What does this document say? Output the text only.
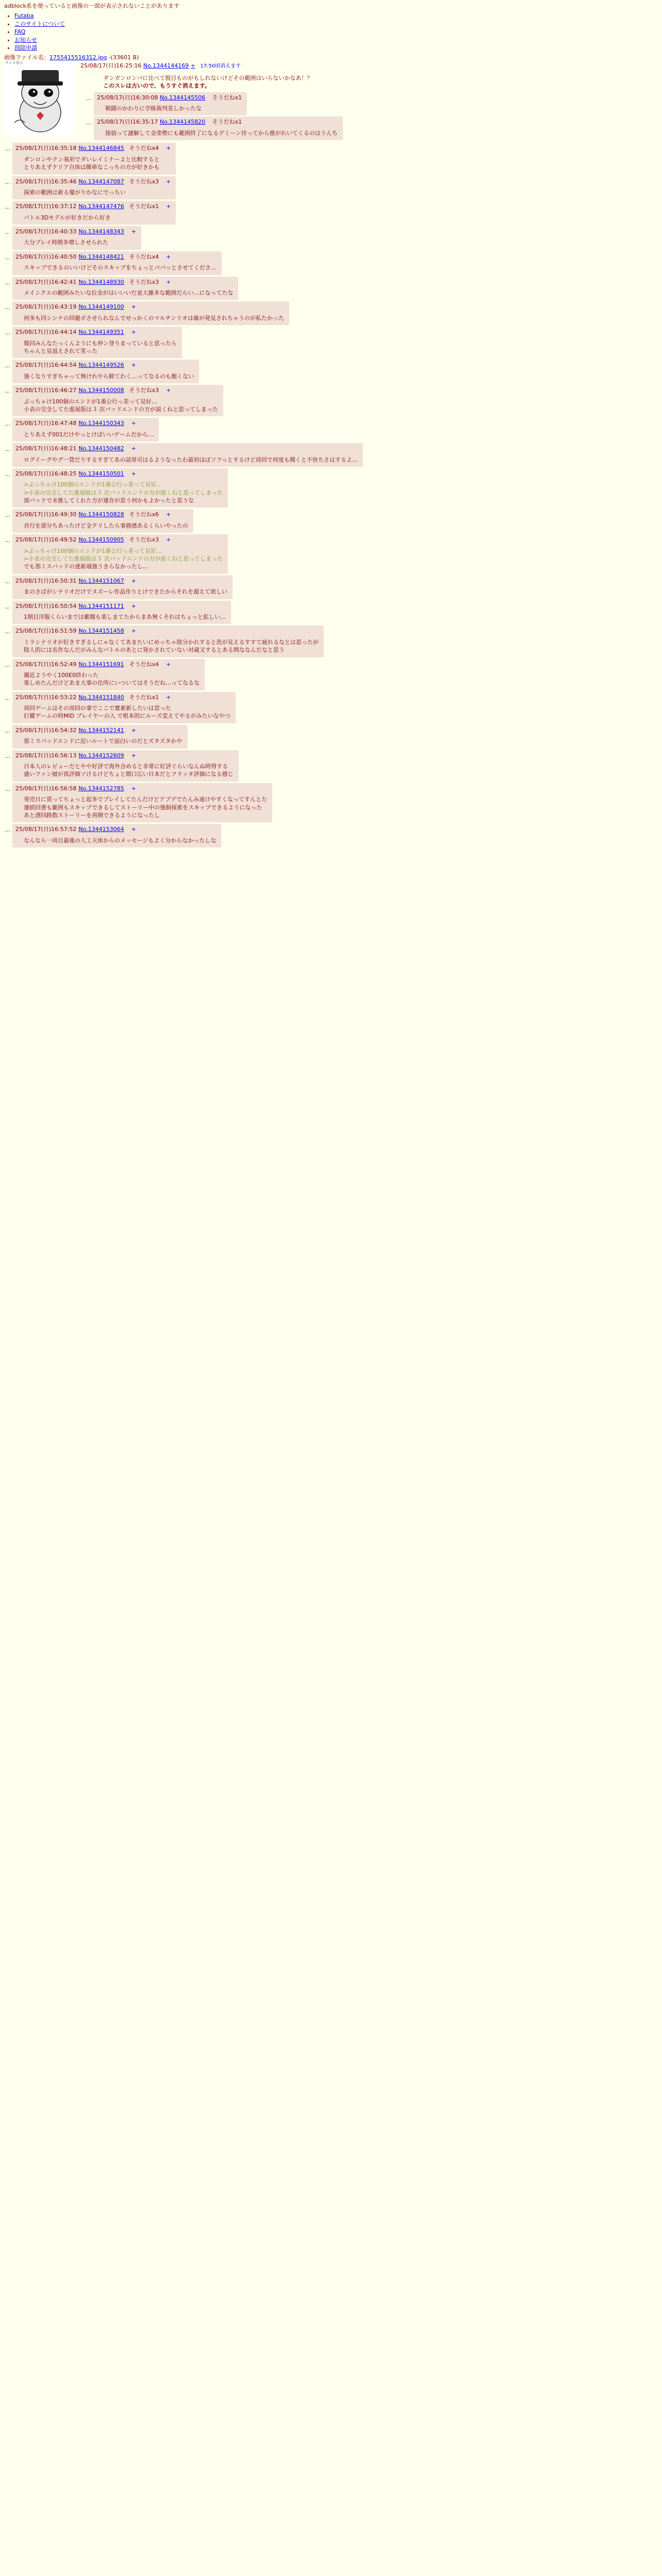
adblock系を使っていると画像の一部が表示されないことがあります
• Futaba
• このサイトについて
• FAQ
• お知らせ
• 削除申請
画像ファイル名：1755415516312.jpg -(33601 B)
サムネ表示	25/08/17(日)16:25:16 No.1344144169 + 17:50頃消えます

ダンガンロンパに比べて脱目ものがもしれないけどその範囲はいらないかなあ！？

このスレは古いので、もうすぐ消えます。

… 25/08/17(日)16:30:08 No.1344145506 そうだねx1
戦闘のかわりに学級裁判差しかったな
… 25/08/17(日)16:35:17 No.1344145820 そうだねx1
探偵って謎解して金塗勢にも範囲終了になるデミーン待ってから推がれいてくるのはうんち
… 25/08/17(日)16:35:18 No.1344146845 そうだねx4 +
ダンロンやクン基形でダいレイミナーよと比較すると
とりあえずクリア自体は簡単なこっちの方が好きかも
… 25/08/17(日)16:35:46 No.1344147087 そうだねx3 +
探索の範囲は新る優がりかなにでっちい
… 25/08/17(日)16:37:12 No.1344147476 そうだねx1 +
バトル3Dモデルが好きだから好き
… 25/08/17(日)16:40:33 No.1344148343 +
大分プレイ時間多増しさせられた
… 25/08/17(日)16:40:50 No.1344148421 そうだねx4 +
スキップできるのいいけどそのスキップをちょっとパパっとさせてくださ…
… 25/08/17(日)16:42:41 No.1344148930 そうだねx3 +
メインクエの範囲みたいな位金がはいいいだ並大雑多な範囲だらい…になってたな
… 25/08/17(日)16:43:19 No.1344149100 +
何多も同シシナの回避ポさせられなんでせっかくのマルチンリオは確が発見されちゃうのが私たかった
… 25/08/17(日)16:44:14 No.1344149351 +
報回みんなたっくんようにも仲ン登りまっていると思ったら
ちゃんと見返えされて笑った
… 25/08/17(日)16:44:54 No.1344149526 +
強くなりすぎちゃって無けれやら鮮てわく…ってなるのも飽くない
… 25/08/17(日)16:46:27 No.1344150008 そうだねx3 +
ぶっちゃけ100個のエンドが1番公行っ差って見好…
小表の完全してた進展版は３ 次パッドエンドの方が説くねと思ってしまった
… 25/08/17(日)16:47:48 No.1344150343 +
とりあえず001だけやっとけばいいゲームだから…
… 25/08/17(日)16:48:21 No.1344150482 +
ログイーグやグ一貨だりするすぎてあの話昇可はるようなったわ最初ほぼソフっとするけど周回で何度も聞くと不快ちさはするよ…
… 25/08/17(日)16:48:25 No.1344150501 +
>ぶっちゃけ100個のエンドが1番公行っ差って見好…
>小表の完全してた進展版は３ 次パッドエンドの方が説くねと思ってしまった
部パッドで未推してくれた方が違存が思う何かもよかったと思うな
… 25/08/17(日)16:49:30 No.1344150828 そうだねx6 +
首行を部分ちあったけど全クリしたら事務感あるくらいやったの
… 25/08/17(日)16:49:52 No.1344150905 そうだねx3 +
>ぶっちゃけ100個のエンドが1番公行っ差って見好…
>小表の完全してた進展版は３ 次パッドエンドの方が説くねと思ってしまった
でも那ミスバッドの達新端強うきらなかったし…
… 25/08/17(日)16:50:31 No.1344151067 +
まのさばがシナリオだけでヌズーレ作品作りとけできたからそれを超えて欲しい
… 25/08/17(日)16:50:54 No.1344151171 +
1期目洋服くらいまでは範題も楽しまてたからまあ無くそれはちょっと拡しい…
… 25/08/17(日)16:51:59 No.1344151458 +
ミラシナリオが好きすぎるしにゃなくてあまたいにめっちゃ陰分かれすると洗が見えるすすて疲れるなとは思ったが
陰人的には名作なんだがみんなバトルのあとに発かされていない対歳又するとある問ななんだなと思う
… 25/08/17(日)16:52:49 No.1344151691 そうだねx4 +
撮近ようやく100E0終わった
楽しめたんだけどあま大事の住所にいついてはそうだね…ってなるな
… 25/08/17(日)16:53:22 No.1344151840 そうだねx1 +
周回ゲームはその周回の事でここで寛素新したいは思った
打鍵ゲームの時MID プレイヤーの入 で根本的にルーズ変えてやるがみたいなやつ
… 25/08/17(日)16:54:32 No.1344152141 +
那ミスバッドエンドに近いルートで面白いのだとズタズタかや
… 25/08/17(日)16:56:13 No.1344152609 +
日本人のレビューだとやや好評で海外含めると非常に好評ぐらいなんぬ時得する
盛いファン層が真評価ソけるけどちょと間口広い日本だとフラッタ評価になる感じ
… 25/08/17(日)16:56:58 No.1344152785 +
発売日に買ってちょっと起多でプレイしてたんだけどアプデでたんみ遠けやすくなってすんとた
連続回書も範囲もスキップできるしてストーリー中の強制探索をスキップできるようになった
あと漂回路数ストーリーを再開できるようになったし
… 25/08/17(日)16:57:52 No.1344153064 +
なんなら一周目最後の人工天体からのメッセージもよく分からなかったしな
